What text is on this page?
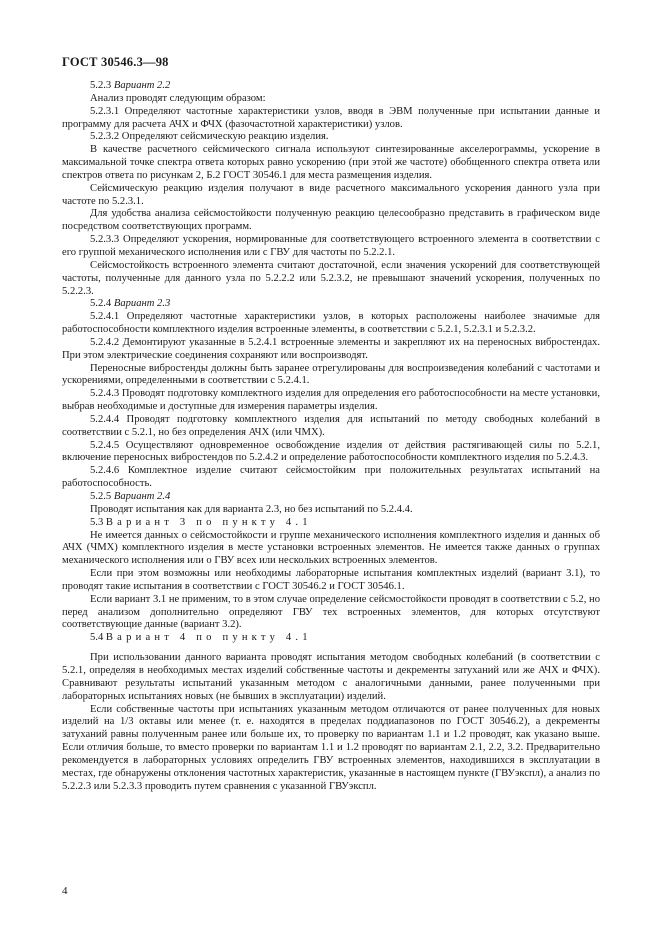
ГОСТ 30546.3—98

5.2.3 Вариант 2.2

Анализ проводят следующим образом:

5.2.3.1 Определяют частотные характеристики узлов, вводя в ЭВМ полученные при испытании данные и программу для расчета АЧХ и ФЧХ (фазочастотной характеристики) узлов.

5.2.3.2 Определяют сейсмическую реакцию изделия.

В качестве расчетного сейсмического сигнала используют синтезированные акселерограммы, ускорение в максимальной точке спектра ответа которых равно ускорению (при этой же частоте) обобщенного спектра ответа или спектров ответа по рисункам 2, Б.2 ГОСТ 30546.1 для места размещения изделия.

Сейсмическую реакцию изделия получают в виде расчетного максимального ускорения данного узла при частоте по 5.2.3.1.

Для удобства анализа сейсмостойкости полученную реакцию целесообразно представить в графическом виде посредством соответствующих программ.

5.2.3.3 Определяют ускорения, нормированные для соответствующего встроенного элемента в соответствии с его группой механического исполнения или с ГВУ для частоты по 5.2.2.1.

Сейсмостойкость встроенного элемента считают достаточной, если значения ускорений для соответствующей частоты, полученные для данного узла по 5.2.2.2 или 5.2.3.2, не превышают значений ускорения, полученных по 5.2.2.3.

5.2.4 Вариант 2.3

5.2.4.1 Определяют частотные характеристики узлов, в которых расположены наиболее значимые для работоспособности комплектного изделия встроенные элементы, в соответствии с 5.2.1, 5.2.3.1 и 5.2.3.2.

5.2.4.2 Демонтируют указанные в 5.2.4.1 встроенные элементы и закрепляют их на переносных вибростендах. При этом электрические соединения сохраняют или воспроизводят.

Переносные вибростенды должны быть заранее отрегулированы для воспроизведения колебаний с частотами и ускорениями, определенными в соответствии с 5.2.4.1.

5.2.4.3 Проводят подготовку комплектного изделия для определения его работоспособности на месте установки, выбрав необходимые и доступные для измерения параметры изделия.

5.2.4.4 Проводят подготовку комплектного изделия для испытаний по методу свободных колебаний в соответствии с 5.2.1, но без определения АЧХ (или ЧМХ).

5.2.4.5 Осуществляют одновременное освобождение изделия от действия растягивающей силы по 5.2.1, включение переносных вибростендов по 5.2.4.2 и определение работоспособности комплектного изделия по 5.2.4.3.

5.2.4.6 Комплектное изделие считают сейсмостойким при положительных результатах испытаний на работоспособность.

5.2.5 Вариант 2.4

Проводят испытания как для варианта 2.3, но без испытаний по 5.2.4.4.

5.3 Вариант 3 по пункту 4.1

Не имеется данных о сейсмостойкости и группе механического исполнения комплектного изделия и данных об АЧХ (ЧМХ) комплектного изделия в месте установки встроенных элементов. Не имеется также данных о группах механического исполнения или о ГВУ всех или нескольких встроенных элементов.

Если при этом возможны или необходимы лабораторные испытания комплектных изделий (вариант 3.1), то проводят такие испытания в соответствии с ГОСТ 30546.2 и ГОСТ 30546.1.

Если вариант 3.1 не применим, то в этом случае определение сейсмостойкости проводят в соответствии с 5.2, но перед анализом дополнительно определяют ГВУ тех встроенных элементов, для которых отсутствуют соответствующие данные (вариант 3.2).

5.4 Вариант 4 по пункту 4.1

При использовании данного варианта проводят испытания методом свободных колебаний (в соответствии с 5.2.1, определяя в необходимых местах изделий собственные частоты и декременты затуханий или же АЧХ и ФЧХ). Сравнивают результаты испытаний указанным методом с аналогичными данными, ранее полученными при лабораторных испытаниях новых (не бывших в эксплуатации) изделий.

Если собственные частоты при испытаниях указанным методом отличаются от ранее полученных для новых изделий на 1/3 октавы или менее (т. е. находятся в пределах поддиапазонов по ГОСТ 30546.2), а декременты затуханий равны полученным ранее или больше их, то проверку по вариантам 1.1 и 1.2 проводят, как указано выше. Если отличия больше, то вместо проверки по вариантам 1.1 и 1.2 проводят по вариантам 2.1, 2.2, 3.2. Предварительно рекомендуется в лабораторных условиях определить ГВУ встроенных элементов, находившихся в эксплуатации в местах, где обнаружены отклонения частотных характеристик, указанные в настоящем пункте (ГВУэкспл), а анализ по 5.2.2.3 или 5.2.3.3 проводить путем сравнения с указанной ГВУэкспл.

4
